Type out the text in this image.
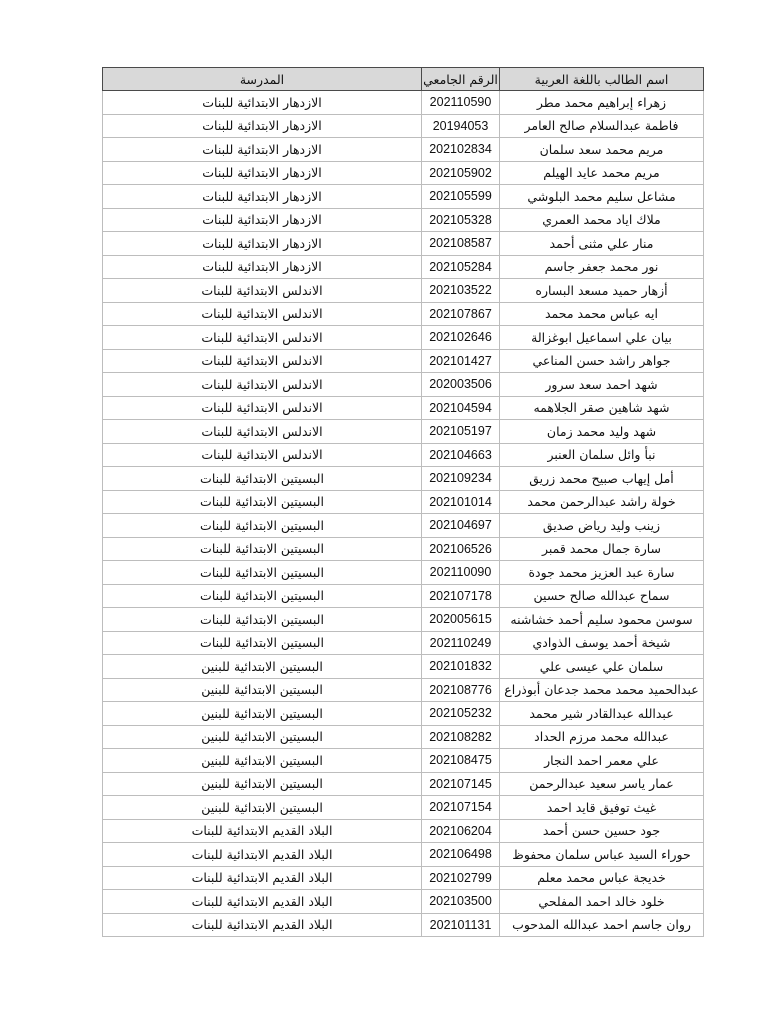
اسم الطالب باللغة العربية	الرقم الجامعي	المدرسة
زهراء إبراهيم محمد مطر	202110590	الازدهار الابتدائية للبنات
فاطمة عبدالسلام صالح العامر	20194053	الازدهار الابتدائية للبنات
مريم محمد سعد سلمان	202102834	الازدهار الابتدائية للبنات
مريم محمد عايد الهيلم	202105902	الازدهار الابتدائية للبنات
مشاعل سليم محمد البلوشي	202105599	الازدهار الابتدائية للبنات
ملاك اياد محمد العمري	202105328	الازدهار الابتدائية للبنات
منار علي مثنى أحمد	202108587	الازدهار الابتدائية للبنات
نور محمد جعفر جاسم	202105284	الازدهار الابتدائية للبنات
أزهار حميد مسعد البساره	202103522	الاندلس الابتدائية للبنات
ايه عباس محمد محمد	202107867	الاندلس الابتدائية للبنات
بيان علي اسماعيل ابوغزالة	202102646	الاندلس الابتدائية للبنات
جواهر راشد حسن المناعي	202101427	الاندلس الابتدائية للبنات
شهد احمد سعد سرور	202003506	الاندلس الابتدائية للبنات
شهد شاهين صقر الجلاهمه	202104594	الاندلس الابتدائية للبنات
شهد وليد محمد زمان	202105197	الاندلس الابتدائية للبنات
نبأ وائل سلمان العنبر	202104663	الاندلس الابتدائية للبنات
أمل إيهاب صبيح محمد زريق	202109234	البسيتين الابتدائية للبنات
خولة راشد عبدالرحمن محمد	202101014	البسيتين الابتدائية للبنات
زينب وليد رياض صديق	202104697	البسيتين الابتدائية للبنات
سارة جمال محمد قمبر	202106526	البسيتين الابتدائية للبنات
سارة عبد العزيز محمد جودة	202110090	البسيتين الابتدائية للبنات
سماح عبدالله صالح حسين	202107178	البسيتين الابتدائية للبنات
سوسن محمود سليم أحمد خشاشنه	202005615	البسيتين الابتدائية للبنات
شيخة أحمد يوسف الذوادي	202110249	البسيتين الابتدائية للبنات
سلمان علي عيسى علي	202101832	البسيتين الابتدائية للبنين
عبدالحميد محمد محمد جدعان أبوذراع	202108776	البسيتين الابتدائية للبنين
عبدالله عبدالقادر شير محمد	202105232	البسيتين الابتدائية للبنين
عبدالله محمد مرزم الحداد	202108282	البسيتين الابتدائية للبنين
علي معمر احمد النجار	202108475	البسيتين الابتدائية للبنين
عمار ياسر سعيد عبدالرحمن	202107145	البسيتين الابتدائية للبنين
غيث توفيق قايد احمد	202107154	البسيتين الابتدائية للبنين
جود حسين حسن أحمد	202106204	البلاد القديم الابتدائية للبنات
حوراء السيد عباس سلمان محفوظ	202106498	البلاد القديم الابتدائية للبنات
خديجة عباس محمد معلم	202102799	البلاد القديم الابتدائية للبنات
خلود خالد احمد المفلحي	202103500	البلاد القديم الابتدائية للبنات
روان جاسم احمد عبدالله المدحوب	202101131	البلاد القديم الابتدائية للبنات
